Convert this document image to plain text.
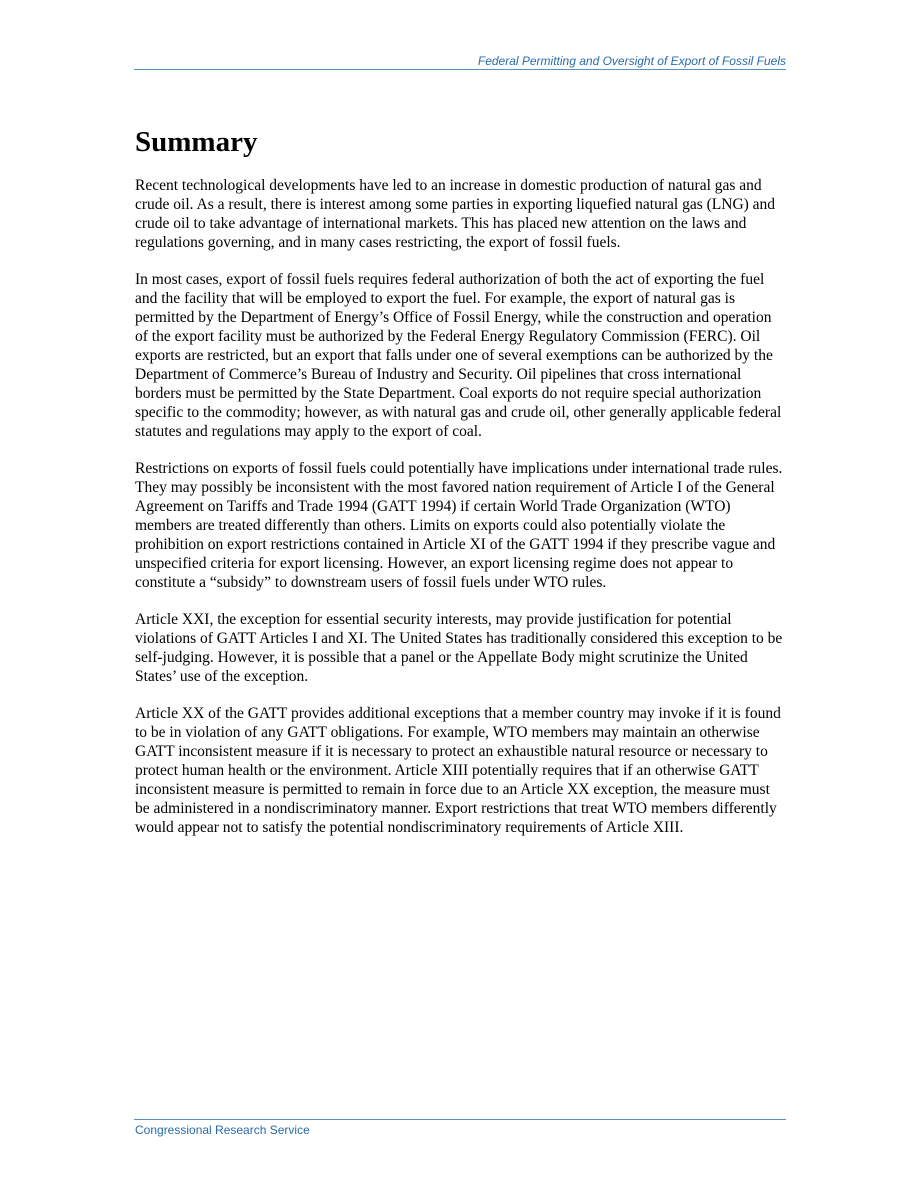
Federal Permitting and Oversight of Export of Fossil Fuels
Summary

Recent technological developments have led to an increase in domestic production of natural gas and crude oil. As a result, there is interest among some parties in exporting liquefied natural gas (LNG) and crude oil to take advantage of international markets. This has placed new attention on the laws and regulations governing, and in many cases restricting, the export of fossil fuels.

In most cases, export of fossil fuels requires federal authorization of both the act of exporting the fuel and the facility that will be employed to export the fuel. For example, the export of natural gas is permitted by the Department of Energy’s Office of Fossil Energy, while the construction and operation of the export facility must be authorized by the Federal Energy Regulatory Commission (FERC). Oil exports are restricted, but an export that falls under one of several exemptions can be authorized by the Department of Commerce’s Bureau of Industry and Security. Oil pipelines that cross international borders must be permitted by the State Department. Coal exports do not require special authorization specific to the commodity; however, as with natural gas and crude oil, other generally applicable federal statutes and regulations may apply to the export of coal.

Restrictions on exports of fossil fuels could potentially have implications under international trade rules. They may possibly be inconsistent with the most favored nation requirement of Article I of the General Agreement on Tariffs and Trade 1994 (GATT 1994) if certain World Trade Organization (WTO) members are treated differently than others. Limits on exports could also potentially violate the prohibition on export restrictions contained in Article XI of the GATT 1994 if they prescribe vague and unspecified criteria for export licensing. However, an export licensing regime does not appear to constitute a “subsidy” to downstream users of fossil fuels under WTO rules.

Article XXI, the exception for essential security interests, may provide justification for potential violations of GATT Articles I and XI. The United States has traditionally considered this exception to be self-judging. However, it is possible that a panel or the Appellate Body might scrutinize the United States’ use of the exception.

Article XX of the GATT provides additional exceptions that a member country may invoke if it is found to be in violation of any GATT obligations. For example, WTO members may maintain an otherwise GATT inconsistent measure if it is necessary to protect an exhaustible natural resource or necessary to protect human health or the environment. Article XIII potentially requires that if an otherwise GATT inconsistent measure is permitted to remain in force due to an Article XX exception, the measure must be administered in a nondiscriminatory manner. Export restrictions that treat WTO members differently would appear not to satisfy the potential nondiscriminatory requirements of Article XIII.

Congressional Research Service
